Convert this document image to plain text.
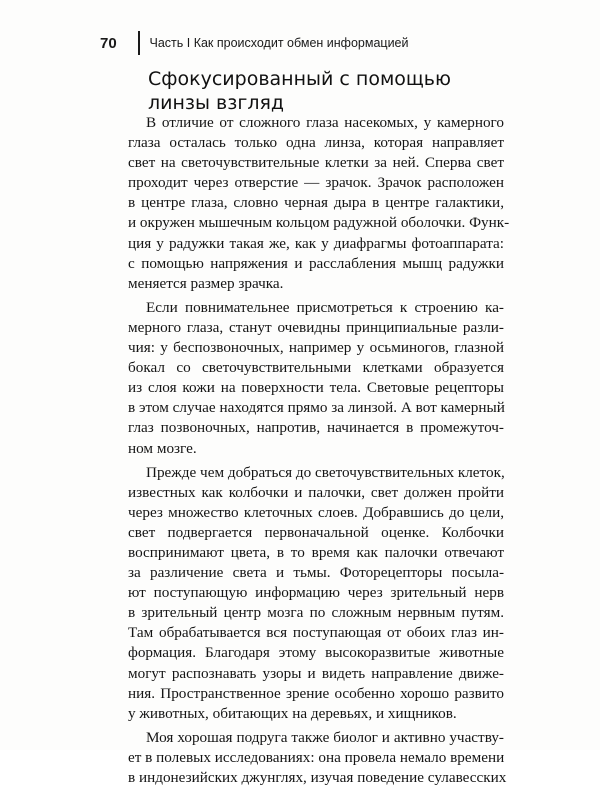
70	Часть I Как происходит обмен информацией
Сфокусированный с помощью
линзы взгляд
В отличие от сложного глаза насекомых, у камерного
глаза осталась только одна линза, которая направляет
свет на светочувствительные клетки за ней. Сперва свет
проходит через отверстие — зрачок. Зрачок расположен
в центре глаза, словно черная дыра в центре галактики,
и окружен мышечным кольцом радужной оболочки. Функ-
ция у радужки такая же, как у диафрагмы фотоаппарата:
с помощью напряжения и расслабления мышц радужки
меняется размер зрачка.
Если повнимательнее присмотреться к строению ка-
мерного глаза, станут очевидны принципиальные разли-
чия: у беспозвоночных, например у осьминогов, глазной
бокал со светочувствительными клетками образуется
из слоя кожи на поверхности тела. Световые рецепторы
в этом случае находятся прямо за линзой. А вот камерный
глаз позвоночных, напротив, начинается в промежуточ-
ном мозге.
Прежде чем добраться до светочувствительных клеток,
известных как колбочки и палочки, свет должен пройти
через множество клеточных слоев. Добравшись до цели,
свет подвергается первоначальной оценке. Колбочки
воспринимают цвета, в то время как палочки отвечают
за различение света и тьмы. Фоторецепторы посыла-
ют поступающую информацию через зрительный нерв
в зрительный центр мозга по сложным нервным путям.
Там обрабатывается вся поступающая от обоих глаз ин-
формация. Благодаря этому высокоразвитые животные
могут распознавать узоры и видеть направление движе-
ния. Пространственное зрение особенно хорошо развито
у животных, обитающих на деревьях, и хищников.
Моя хорошая подруга также биолог и активно участву-
ет в полевых исследованиях: она провела немало времени
в индонезийских джунглях, изучая поведение сулавесских
